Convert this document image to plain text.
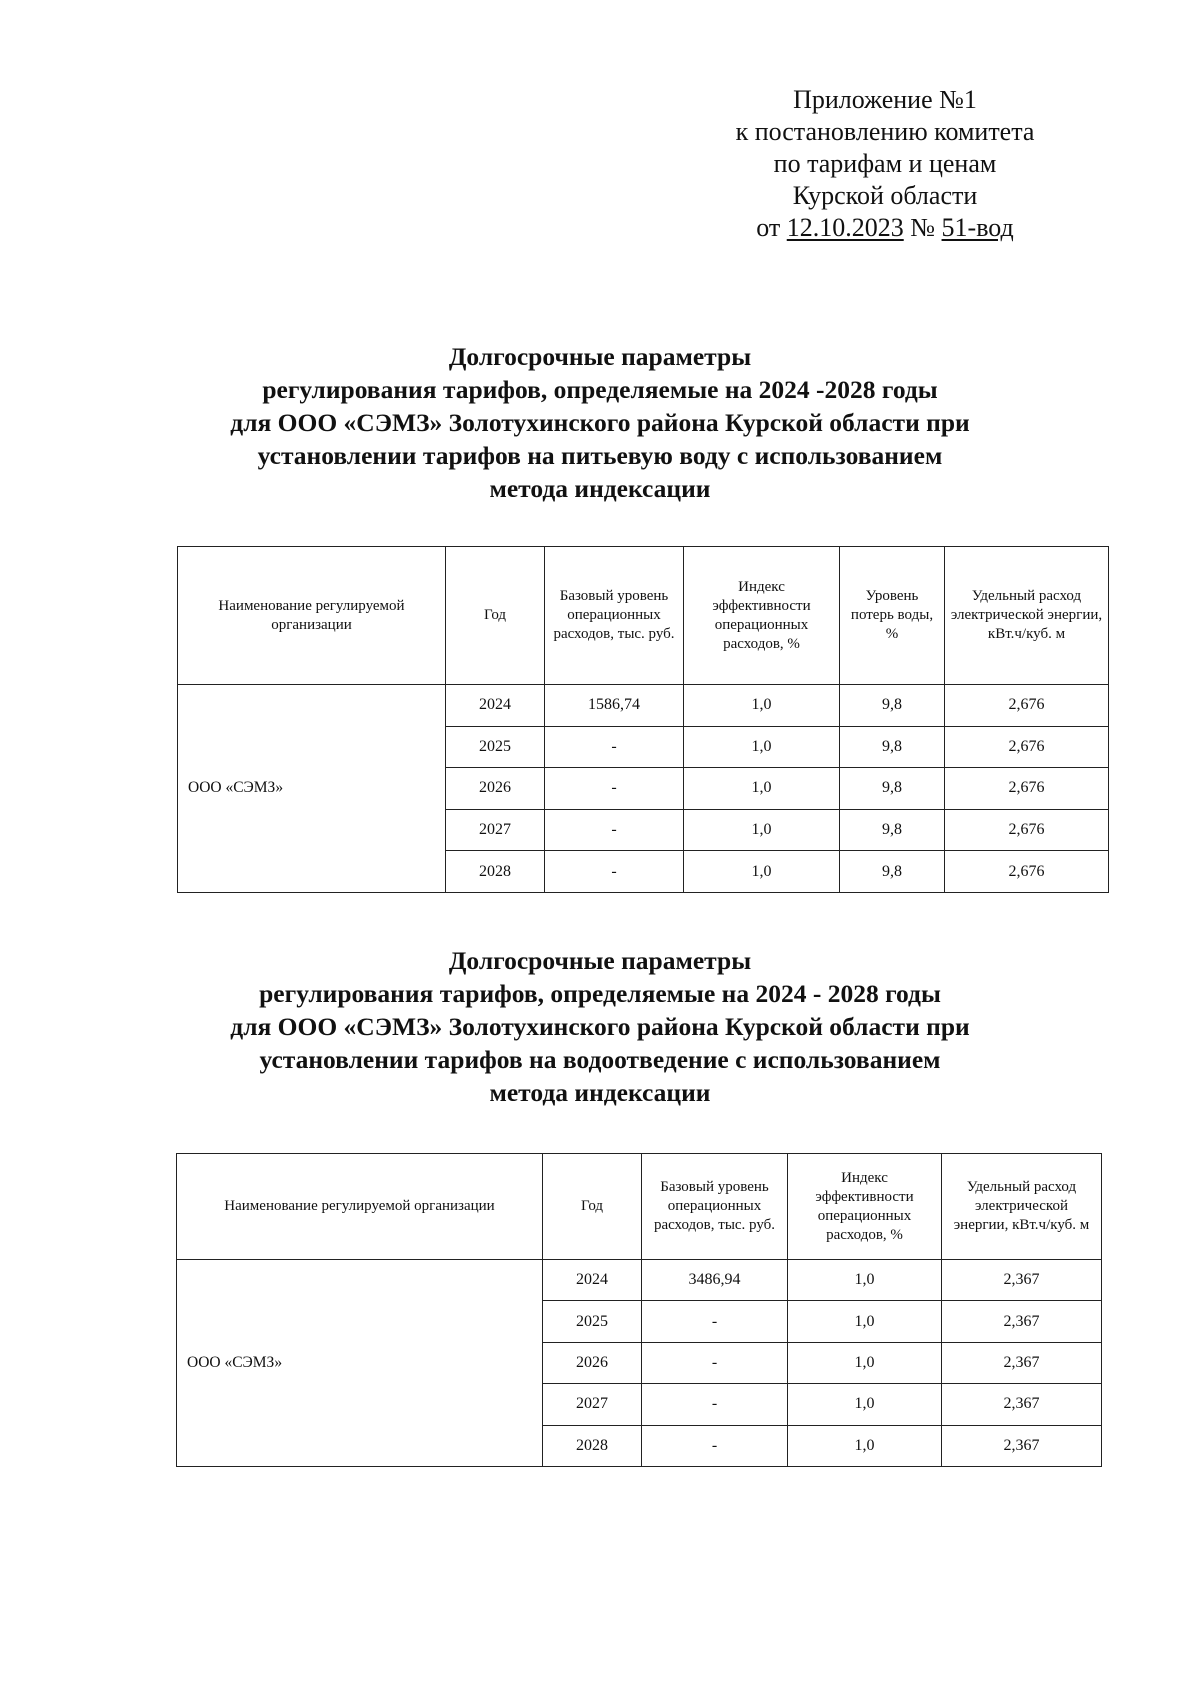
Приложение №1
к постановлению комитета
по тарифам и ценам
Курской области
от 12.10.2023 № 51-вод
Долгосрочные параметры
регулирования тарифов, определяемые на 2024 -2028 годы
для ООО «СЭМЗ» Золотухинского района Курской области при
установлении тарифов на питьевую воду с использованием
метода индексации
Наименование регулируемой организации	Год	Базовый уровень операционных расходов, тыс. руб.	Индекс эффективности операционных расходов, %	Уровень потерь воды, %	Удельный расход электрической энергии, кВт.ч/куб. м
ООО «СЭМЗ»	2024	1586,74	1,0	9,8	2,676
	2025	-	1,0	9,8	2,676
	2026	-	1,0	9,8	2,676
	2027	-	1,0	9,8	2,676
	2028	-	1,0	9,8	2,676
Долгосрочные параметры
регулирования тарифов, определяемые на 2024 - 2028 годы
для ООО «СЭМЗ» Золотухинского района Курской области при
установлении тарифов на водоотведение с использованием
метода индексации
Наименование регулируемой организации	Год	Базовый уровень операционных расходов, тыс. руб.	Индекс эффективности операционных расходов, %	Удельный расход электрической энергии, кВт.ч/куб. м
ООО «СЭМЗ»	2024	3486,94	1,0	2,367
	2025	-	1,0	2,367
	2026	-	1,0	2,367
	2027	-	1,0	2,367
	2028	-	1,0	2,367
